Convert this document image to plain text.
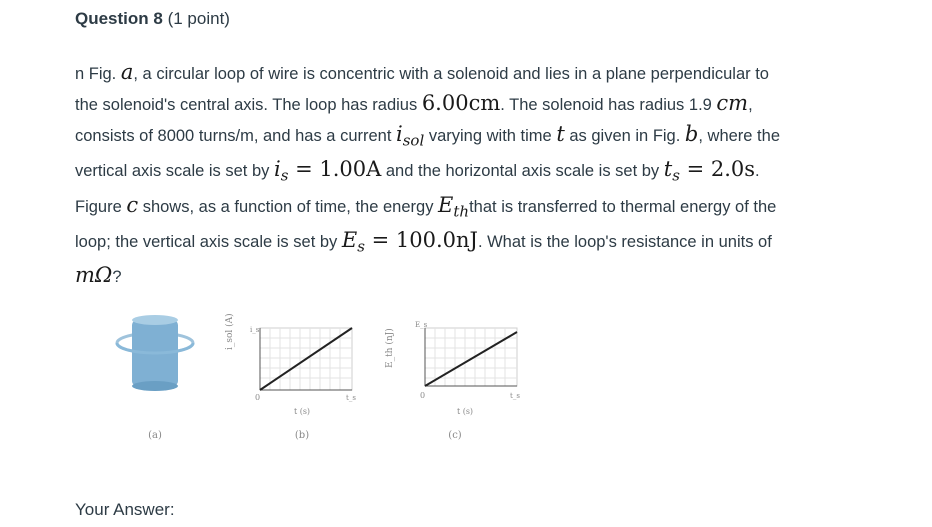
Question 8 (1 point)
n Fig. a, a circular loop of wire is concentric with a solenoid and lies in a plane perpendicular to the solenoid's central axis. The loop has radius 6.00cm. The solenoid has radius 1.9 cm, consists of 8000 turns/m, and has a current $i_{sol}$ varying with time t as given in Fig. b, where the vertical axis scale is set by $i_s = 1.00A$ and the horizontal axis scale is set by $t_s = 2.0s$. Figure c shows, as a function of time, the energy $E_{th}that$ is transferred to thermal energy of the loop; the vertical axis scale is set by $E_s = 100.0nJ$. What is the loop's resistance in units of mΩ?
(a)
i_sol (A) i_s
0	t_s
t (s)
(b)
E_th (nJ)
E_s
0	t_s
t (s)
(c)
Your Answer:
